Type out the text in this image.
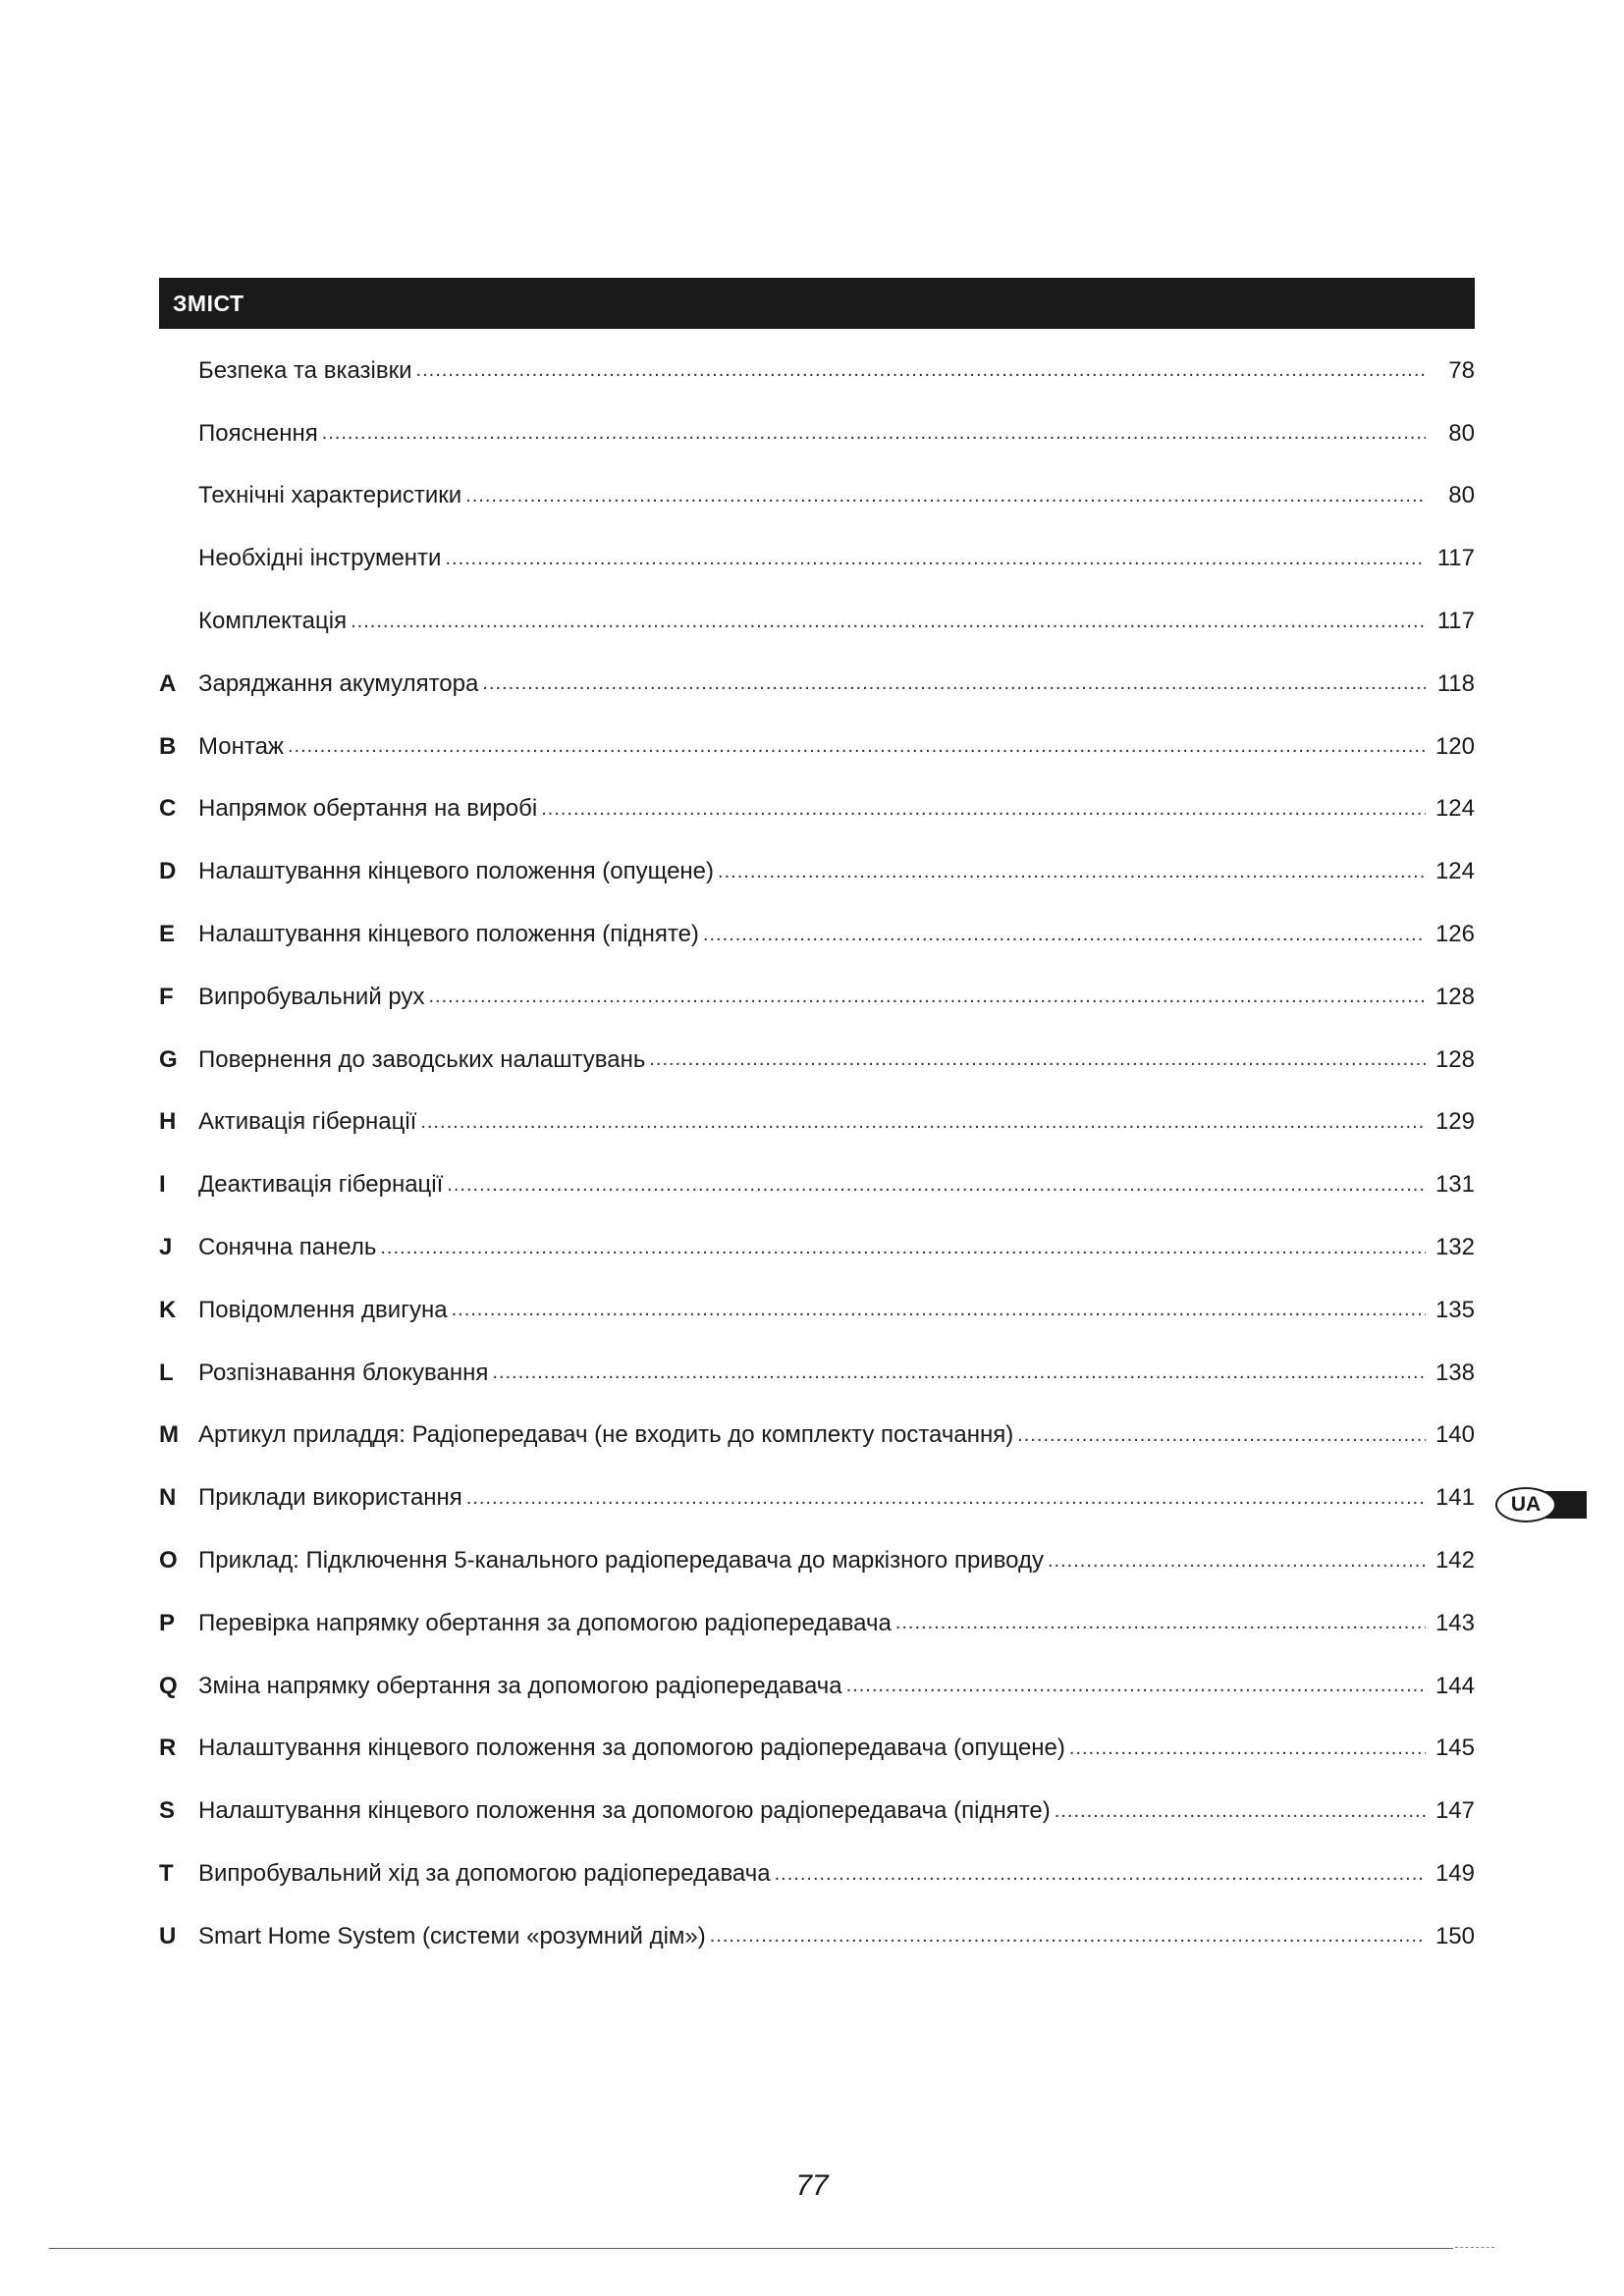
ЗМІСТ
Безпека та вказівки .....	78
Пояснення .....	80
Технічні характеристики .....	80
Необхідні інструменти .....	117
Комплектація .....	117
A Заряджання акумулятора .....	118
B Монтаж .....	120
C Напрямок обертання на виробі .....	124
D Налаштування кінцевого положення (опущене) .....	124
E Налаштування кінцевого положення (підняте) .....	126
F	Випробувальний рух .....	128
G Повернення до заводських налаштувань .....	128
H Активація гібернації .....	129
I	Деактивація гібернації .....	131
J	Сонячна панель .....	132
K Повідомлення двигуна .....	135
L	Розпізнавання блокування .....	138
M Артикул приладдя: Радіопередавач (не входить до комплекту постачання) .....	140
N Приклади використання .....	141
O Приклад: Підключення 5-канального радіопередавача до маркізного приводу .....	142
P Перевірка напрямку обертання за допомогою радіопередавача .....	143
Q Зміна напрямку обертання за допомогою радіопередавача .....	144
R Налаштування кінцевого положення за допомогою радіопередавача (опущене) .....	145
S Налаштування кінцевого положення за допомогою радіопередавача (підняте) .....	147
T	Випробувальний хід за допомогою радіопередавача .....	149
U Smart Home System (системи «розумний дім») .....	150
UA
77
